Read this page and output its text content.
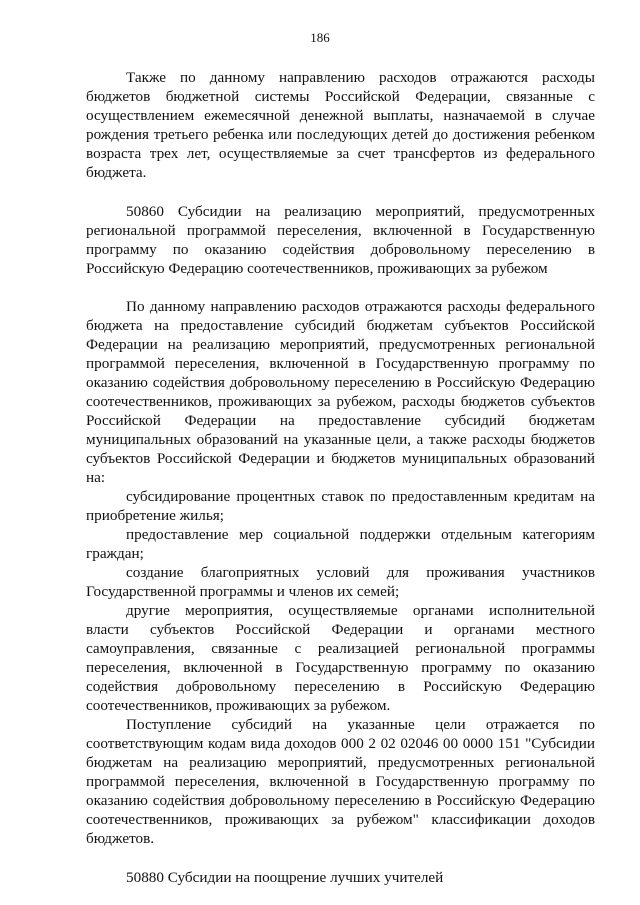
186

Также по данному направлению расходов отражаются расходы бюджетов бюджетной системы Российской Федерации, связанные с осуществлением ежемесячной денежной выплаты, назначаемой в случае рождения третьего ребенка или последующих детей до достижения ребенком возраста трех лет, осуществляемые за счет трансфертов из федерального бюджета.

50860 Субсидии на реализацию мероприятий, предусмотренных региональной программой переселения, включенной в Государственную программу по оказанию содействия добровольному переселению в Российскую Федерацию соотечественников, проживающих за рубежом

По данному направлению расходов отражаются расходы федерального бюджета на предоставление субсидий бюджетам субъектов Российской Федерации на реализацию мероприятий, предусмотренных региональной программой переселения, включенной в Государственную программу по оказанию содействия добровольному переселению в Российскую Федерацию соотечественников, проживающих за рубежом, расходы бюджетов субъектов Российской Федерации на предоставление субсидий бюджетам муниципальных образований на указанные цели, а также расходы бюджетов субъектов Российской Федерации и бюджетов муниципальных образований на:

субсидирование процентных ставок по предоставленным кредитам на приобретение жилья;

предоставление мер социальной поддержки отдельным категориям граждан;

создание благоприятных условий для проживания участников Государственной программы и членов их семей;

другие мероприятия, осуществляемые органами исполнительной власти субъектов Российской Федерации и органами местного самоуправления, связанные с реализацией региональной программы переселения, включенной в Государственную программу по оказанию содействия добровольному переселению в Российскую Федерацию соотечественников, проживающих за рубежом.

Поступление субсидий на указанные цели отражается по соответствующим кодам вида доходов 000 2 02 02046 00 0000 151 "Субсидии бюджетам на реализацию мероприятий, предусмотренных региональной программой переселения, включенной в Государственную программу по оказанию содействия добровольному переселению в Российскую Федерацию соотечественников, проживающих за рубежом" классификации доходов бюджетов.

50880 Субсидии на поощрение лучших учителей
